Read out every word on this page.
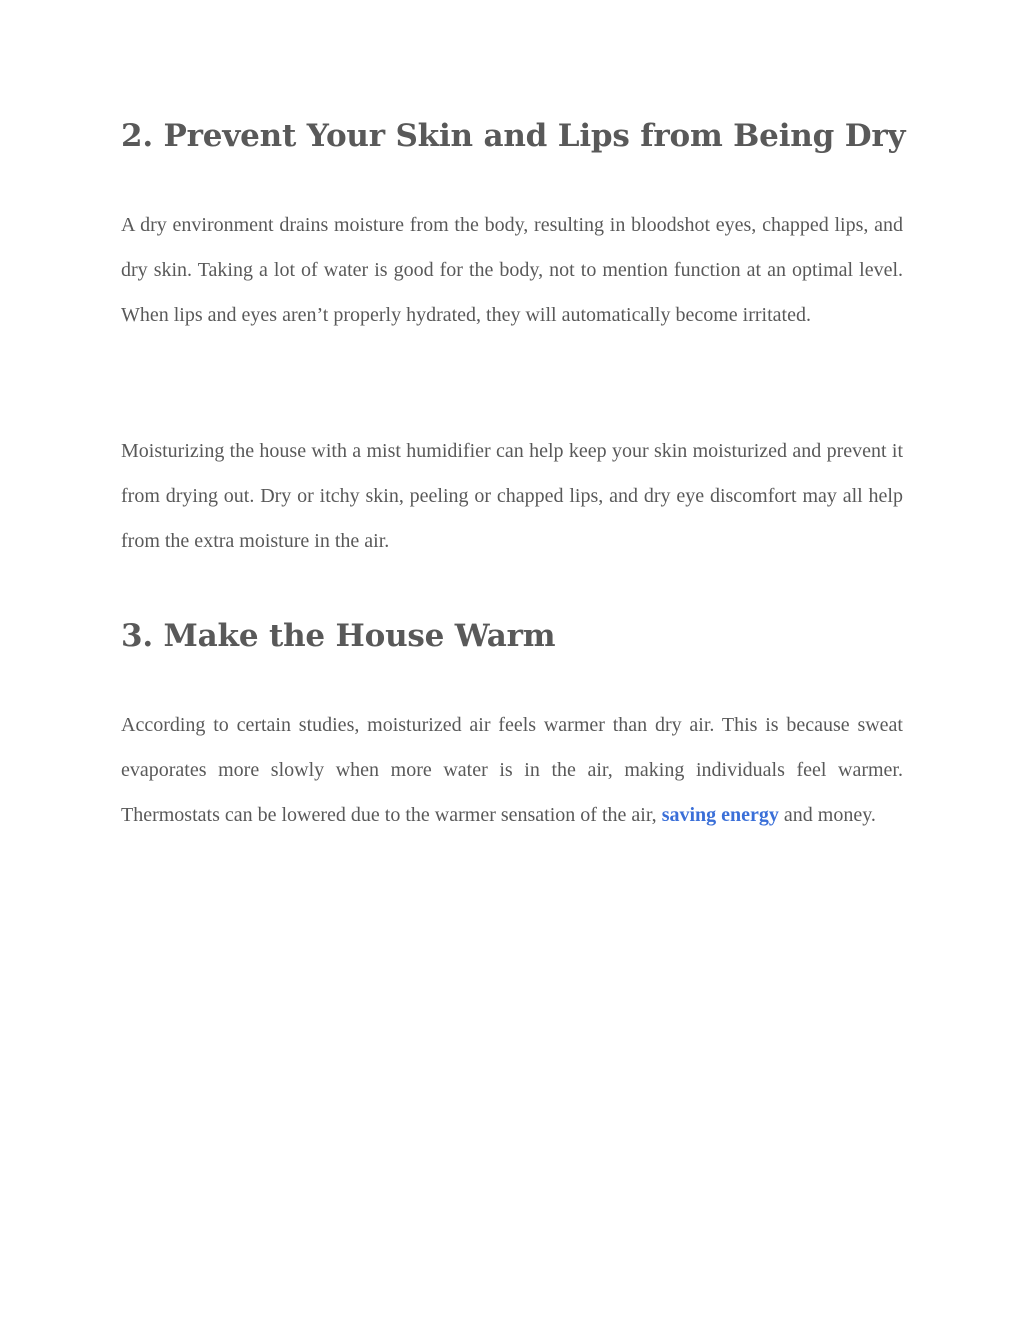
2. Prevent Your Skin and Lips from Being Dry

A dry environment drains moisture from the body, resulting in bloodshot eyes, chapped lips, and dry skin. Taking a lot of water is good for the body, not to mention function at an optimal level. When lips and eyes aren’t properly hydrated, they will automatically become irritated.

Moisturizing the house with a mist humidifier can help keep your skin moisturized and prevent it from drying out. Dry or itchy skin, peeling or chapped lips, and dry eye discomfort may all help from the extra moisture in the air.

3. Make the House Warm

According to certain studies, moisturized air feels warmer than dry air. This is because sweat evaporates more slowly when more water is in the air, making individuals feel warmer. Thermostats can be lowered due to the warmer sensation of the air, saving energy and money.
